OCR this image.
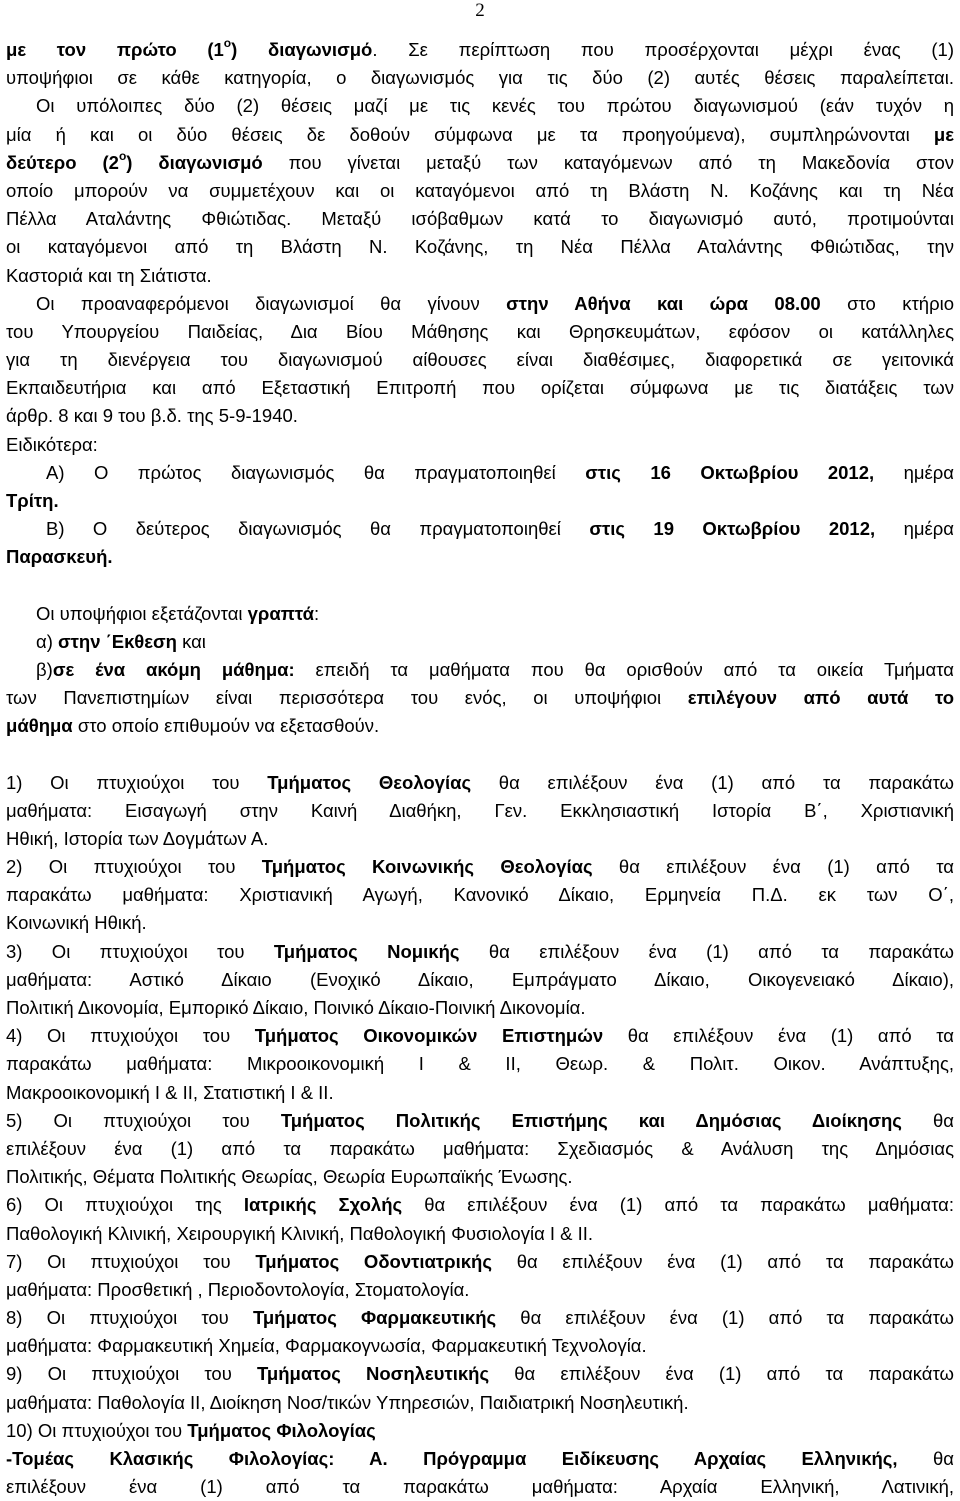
2
με τον πρώτο $(1^o)$ διαγωνισμό. Σε περίπτωση που προσέρχονται μέχρι ένας (1)
υποψήφιοι σε κάθε κατηγορία, ο διαγωνισμός για τις δύο (2) αυτές θέσεις παραλείπεται.
Οι υπόλοιπες δύο (2) θέσεις μαζί με τις κενές του πρώτου διαγωνισμού (εάν τυχόν η
μία ή και οι δύο θέσεις δε δοθούν σύμφωνα με τα προηγούμενα), συμπληρώνονται με
δεύτερο $(2^o)$ διαγωνισμό που γίνεται μεταξύ των καταγόμενων από τη Μακεδονία στον
οποίο μπορούν να συμμετέχουν και οι καταγόμενοι από τη Βλάστη Ν. Κοζάνης και τη Νέα
Πέλλα Αταλάντης Φθιώτιδας. Μεταξύ ισόβαθμων κατά το διαγωνισμό αυτό, προτιμούνται
οι καταγόμενοι από τη Βλάστη Ν. Κοζάνης, τη Νέα Πέλλα Αταλάντης Φθιώτιδας, την
Καστοριά και τη Σιάτιστα.
Οι προαναφερόμενοι διαγωνισμοί θα γίνουν στην Αθήνα και ώρα 08.00 στο κτήριο
του Υπουργείου Παιδείας, Δια Βίου Μάθησης και Θρησκευμάτων, εφόσον οι κατάλληλες
για τη διενέργεια του διαγωνισμού αίθουσες είναι διαθέσιμες, διαφορετικά σε γειτονικά
Εκπαιδευτήρια και από Εξεταστική Επιτροπή που ορίζεται σύμφωνα με τις διατάξεις των
άρθρ. 8 και 9 του β.δ. της 5-9-1940.
Ειδικότερα:
Α) Ο πρώτος διαγωνισμός θα πραγματοποιηθεί στις 16 Οκτωβρίου 2012, ημέρα
Τρίτη.
Β) Ο δεύτερος διαγωνισμός θα πραγματοποιηθεί στις 19 Οκτωβρίου 2012, ημέρα
Παρασκευή.
Οι υποψήφιοι εξετάζονται γραπτά:
α) στην ΄Εκθεση και
β)σε ένα ακόμη μάθημα: επειδή τα μαθήματα που θα ορισθούν από τα οικεία Τμήματα
των Πανεπιστημίων είναι περισσότερα του ενός, οι υποψήφιοι επιλέγουν από αυτά το
μάθημα στο οποίο επιθυμούν να εξετασθούν.
1) Οι πτυχιούχοι του Τμήματος Θεολογίας θα επιλέξουν ένα (1) από τα παρακάτω
μαθήματα: Εισαγωγή στην Καινή Διαθήκη, Γεν. Εκκλησιαστική Ιστορία Β΄, Χριστιανική
Ηθική, Ιστορία των Δογμάτων Α.
2) Οι πτυχιούχοι του Τμήματος Κοινωνικής Θεολογίας θα επιλέξουν ένα (1) από τα
παρακάτω μαθήματα: Χριστιανική Αγωγή, Κανονικό Δίκαιο, Ερμηνεία Π.Δ. εκ των Ο΄,
Κοινωνική Ηθική.
3) Οι πτυχιούχοι του Τμήματος Νομικής θα επιλέξουν ένα (1) από τα παρακάτω
μαθήματα: Αστικό Δίκαιο (Ενοχικό Δίκαιο, Εμπράγματο Δίκαιο, Οικογενειακό Δίκαιο),
Πολιτική Δικονομία, Εμπορικό Δίκαιο, Ποινικό Δίκαιο-Ποινική Δικονομία.
4) Οι πτυχιούχοι του Τμήματος Οικονομικών Επιστημών θα επιλέξουν ένα (1) από τα
παρακάτω μαθήματα: Μικροοικονομική Ι & ΙΙ, Θεωρ. & Πολιτ. Οικον. Ανάπτυξης,
Μακροοικονομική Ι & ΙΙ, Στατιστική Ι & ΙΙ.
5) Οι πτυχιούχοι του Τμήματος Πολιτικής Επιστήμης και Δημόσιας Διοίκησης θα
επιλέξουν ένα (1) από τα παρακάτω μαθήματα: Σχεδιασμός & Ανάλυση της Δημόσιας
Πολιτικής, Θέματα Πολιτικής Θεωρίας, Θεωρία Ευρωπαϊκής Ένωσης.
6) Οι πτυχιούχοι της Ιατρικής Σχολής θα επιλέξουν ένα (1) από τα παρακάτω μαθήματα:
Παθολογική Κλινική, Χειρουργική Κλινική, Παθολογική Φυσιολογία Ι & ΙΙ.
7) Οι πτυχιούχοι του Τμήματος Οδοντιατρικής θα επιλέξουν ένα (1) από τα παρακάτω
μαθήματα: Προσθετική , Περιοδοντολογία, Στοματολογία.
8) Οι πτυχιούχοι του Τμήματος Φαρμακευτικής θα επιλέξουν ένα (1) από τα παρακάτω
μαθήματα: Φαρμακευτική Χημεία, Φαρμακογνωσία, Φαρμακευτική Τεχνολογία.
9) Οι πτυχιούχοι του Τμήματος Νοσηλευτικής θα επιλέξουν ένα (1) από τα παρακάτω
μαθήματα: Παθολογία ΙΙ, Διοίκηση Νοσ/τικών Υπηρεσιών, Παιδιατρική Νοσηλευτική.
10) Οι πτυχιούχοι του Τμήματος Φιλολογίας
-Τομέας Κλασικής Φιλολογίας: Α. Πρόγραμμα Ειδίκευσης Αρχαίας Ελληνικής, θα
επιλέξουν ένα (1) από τα παρακάτω μαθήματα: Αρχαία Ελληνική, Λατινική,
